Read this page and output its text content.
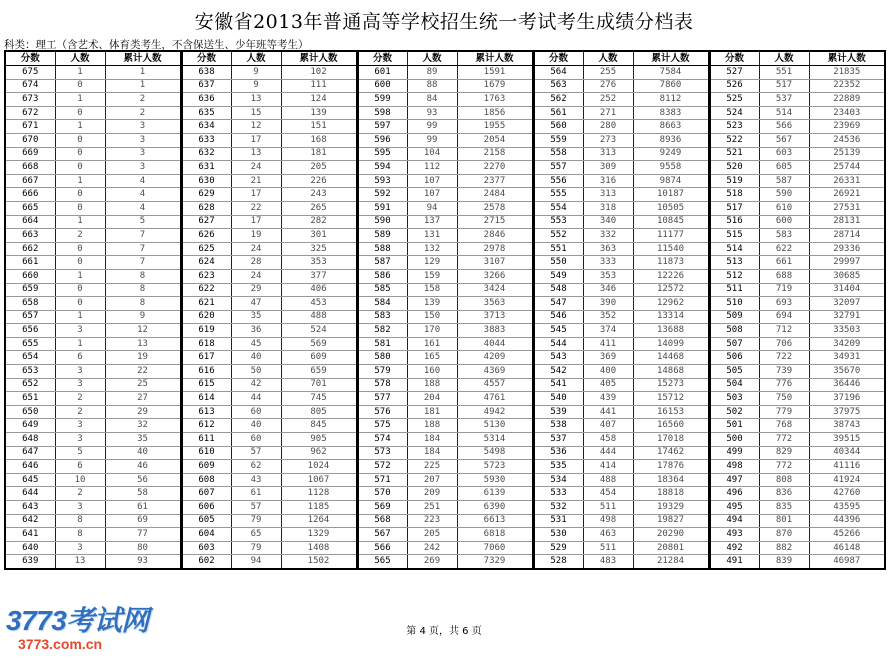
安徽省2013年普通高等学校招生统一考试考生成绩分档表
科类：理工（含艺术、体育类考生，不含保送生、少年班等考生）
分数	人数	累计人数	分数	人数	累计人数	分数	人数	累计人数	分数	人数	累计人数	分数	人数	累计人数
675	1	1	638	9	102	601	89	1591	564	255	7584	527	551	21835
674	0	1	637	9	111	600	88	1679	563	276	7860	526	517	22352
673	1	2	636	13	124	599	84	1763	562	252	8112	525	537	22889
672	0	2	635	15	139	598	93	1856	561	271	8383	524	514	23403
671	1	3	634	12	151	597	99	1955	560	280	8663	523	566	23969
670	0	3	633	17	168	596	99	2054	559	273	8936	522	567	24536
669	0	3	632	13	181	595	104	2158	558	313	9249	521	603	25139
668	0	3	631	24	205	594	112	2270	557	309	9558	520	605	25744
667	1	4	630	21	226	593	107	2377	556	316	9874	519	587	26331
666	0	4	629	17	243	592	107	2484	555	313	10187	518	590	26921
665	0	4	628	22	265	591	94	2578	554	318	10505	517	610	27531
664	1	5	627	17	282	590	137	2715	553	340	10845	516	600	28131
663	2	7	626	19	301	589	131	2846	552	332	11177	515	583	28714
662	0	7	625	24	325	588	132	2978	551	363	11540	514	622	29336
661	0	7	624	28	353	587	129	3107	550	333	11873	513	661	29997
660	1	8	623	24	377	586	159	3266	549	353	12226	512	688	30685
659	0	8	622	29	406	585	158	3424	548	346	12572	511	719	31404
658	0	8	621	47	453	584	139	3563	547	390	12962	510	693	32097
657	1	9	620	35	488	583	150	3713	546	352	13314	509	694	32791
656	3	12	619	36	524	582	170	3883	545	374	13688	508	712	33503
655	1	13	618	45	569	581	161	4044	544	411	14099	507	706	34209
654	6	19	617	40	609	580	165	4209	543	369	14468	506	722	34931
653	3	22	616	50	659	579	160	4369	542	400	14868	505	739	35670
652	3	25	615	42	701	578	188	4557	541	405	15273	504	776	36446
651	2	27	614	44	745	577	204	4761	540	439	15712	503	750	37196
650	2	29	613	60	805	576	181	4942	539	441	16153	502	779	37975
649	3	32	612	40	845	575	188	5130	538	407	16560	501	768	38743
648	3	35	611	60	905	574	184	5314	537	458	17018	500	772	39515
647	5	40	610	57	962	573	184	5498	536	444	17462	499	829	40344
646	6	46	609	62	1024	572	225	5723	535	414	17876	498	772	41116
645	10	56	608	43	1067	571	207	5930	534	488	18364	497	808	41924
644	2	58	607	61	1128	570	209	6139	533	454	18818	496	836	42760
643	3	61	606	57	1185	569	251	6390	532	511	19329	495	835	43595
642	8	69	605	79	1264	568	223	6613	531	498	19827	494	801	44396
641	8	77	604	65	1329	567	205	6818	530	463	20290	493	870	45266
640	3	80	603	79	1408	566	242	7060	529	511	20801	492	882	46148
639	13	93	602	94	1502	565	269	7329	528	483	21284	491	839	46987
第 4 页，共 6 页
3773考试网
3773.com.cn
